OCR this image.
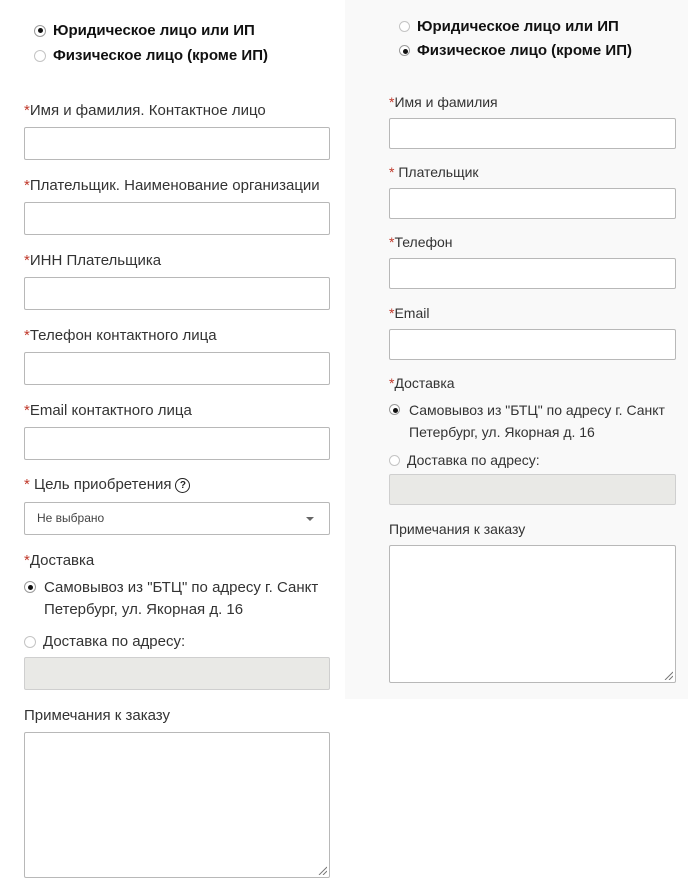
Юридическое лицо или ИП
Физическое лицо (кроме ИП)
*Имя и фамилия. Контактное лицо
*Плательщик. Наименование организации
*ИНН Плательщика
*Телефон контактного лица
*Email контактного лица
* Цель приобретения ?
Не выбрано
*Доставка
Самовывоз из "БТЦ" по адресу г. Санкт
Петербург, ул. Якорная д. 16
Доставка по адресу:
Примечания к заказу
Юридическое лицо или ИП
Физическое лицо (кроме ИП)
*Имя и фамилия
* Плательщик
*Телефон
*Email
*Доставка
Самовывоз из "БТЦ" по адресу г. Санкт
Петербург, ул. Якорная д. 16
Доставка по адресу:
Примечания к заказу
